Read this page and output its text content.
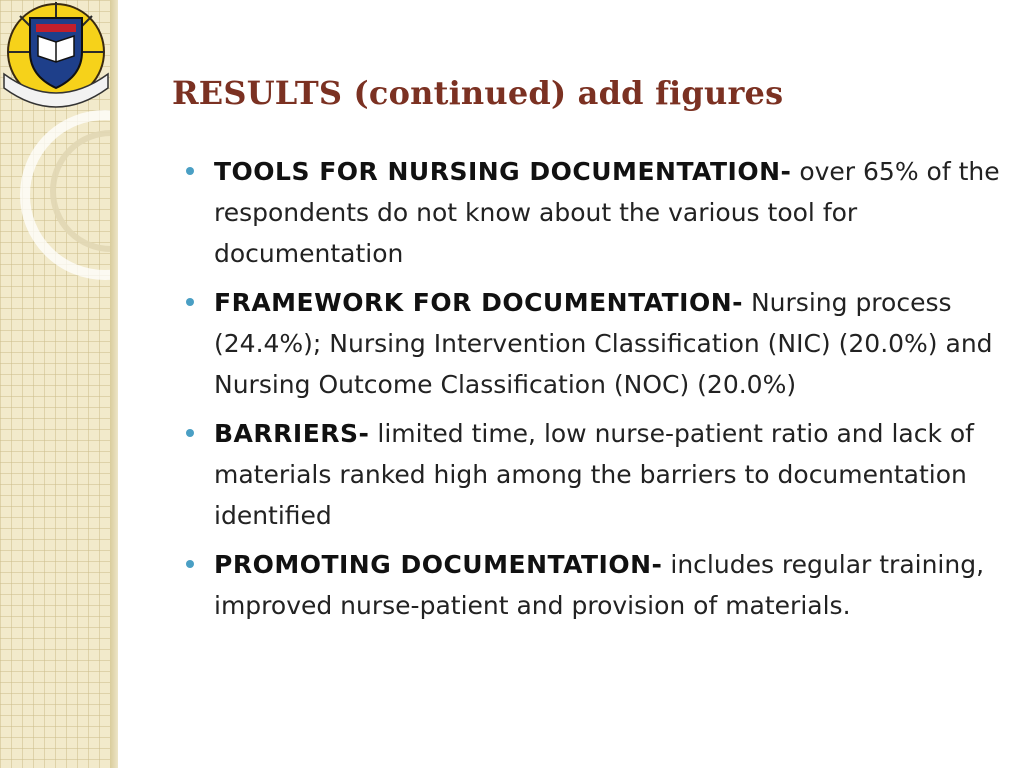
RESULTS (continued) add figures
TOOLS FOR NURSING DOCUMENTATION- over 65% of the respondents do not know about the various tool for documentation
FRAMEWORK FOR DOCUMENTATION- Nursing process (24.4%); Nursing Intervention Classification (NIC) (20.0%) and Nursing Outcome Classification (NOC) (20.0%)
BARRIERS- limited time, low nurse-patient ratio and lack of materials ranked high among the barriers to documentation identified
PROMOTING DOCUMENTATION- includes regular training, improved nurse-patient and provision of materials.
